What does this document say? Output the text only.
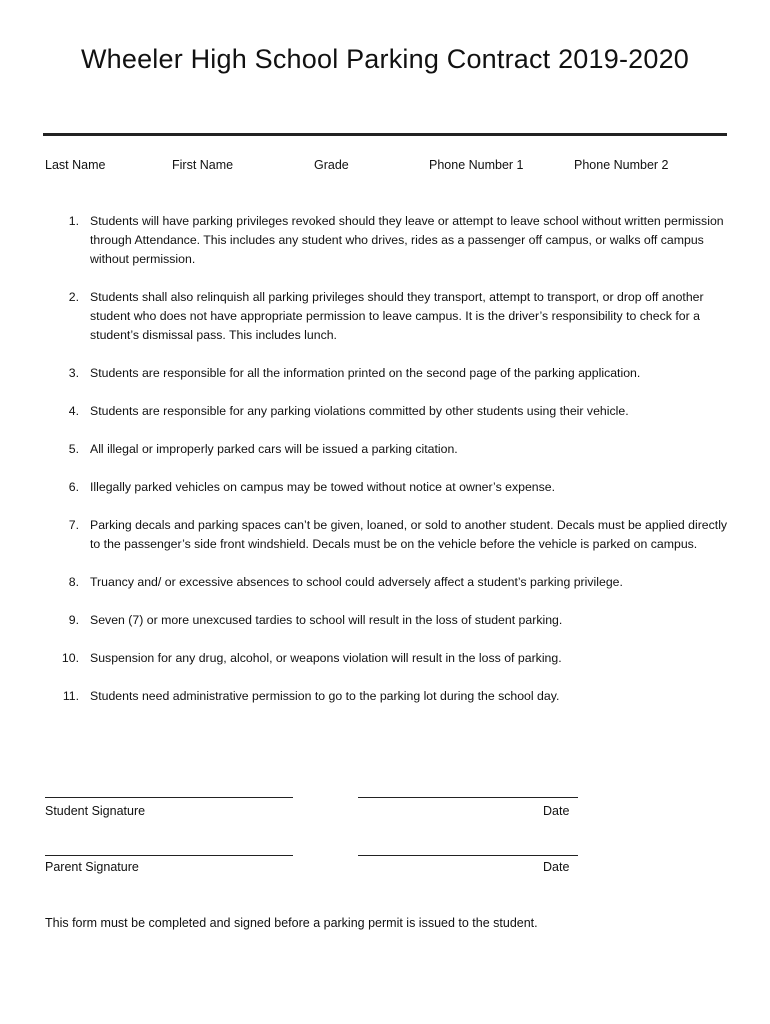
Wheeler High School Parking Contract 2019-2020
Last Name	First Name	Grade	Phone Number 1	Phone Number 2
1. Students will have parking privileges revoked should they leave or attempt to leave school without written permission through Attendance. This includes any student who drives, rides as a passenger off campus, or walks off campus without permission.
2. Students shall also relinquish all parking privileges should they transport, attempt to transport, or drop off another student who does not have appropriate permission to leave campus. It is the driver’s responsibility to check for a student’s dismissal pass. This includes lunch.
3. Students are responsible for all the information printed on the second page of the parking application.
4. Students are responsible for any parking violations committed by other students using their vehicle.
5. All illegal or improperly parked cars will be issued a parking citation.
6. Illegally parked vehicles on campus may be towed without notice at owner’s expense.
7. Parking decals and parking spaces can’t be given, loaned, or sold to another student. Decals must be applied directly to the passenger’s side front windshield. Decals must be on the vehicle before the vehicle is parked on campus.
8. Truancy and/ or excessive absences to school could adversely affect a student’s parking privilege.
9. Seven (7) or more unexcused tardies to school will result in the loss of student parking.
10. Suspension for any drug, alcohol, or weapons violation will result in the loss of parking.
11. Students need administrative permission to go to the parking lot during the school day.
Student Signature	Date
Parent Signature	Date
This form must be completed and signed before a parking permit is issued to the student.
